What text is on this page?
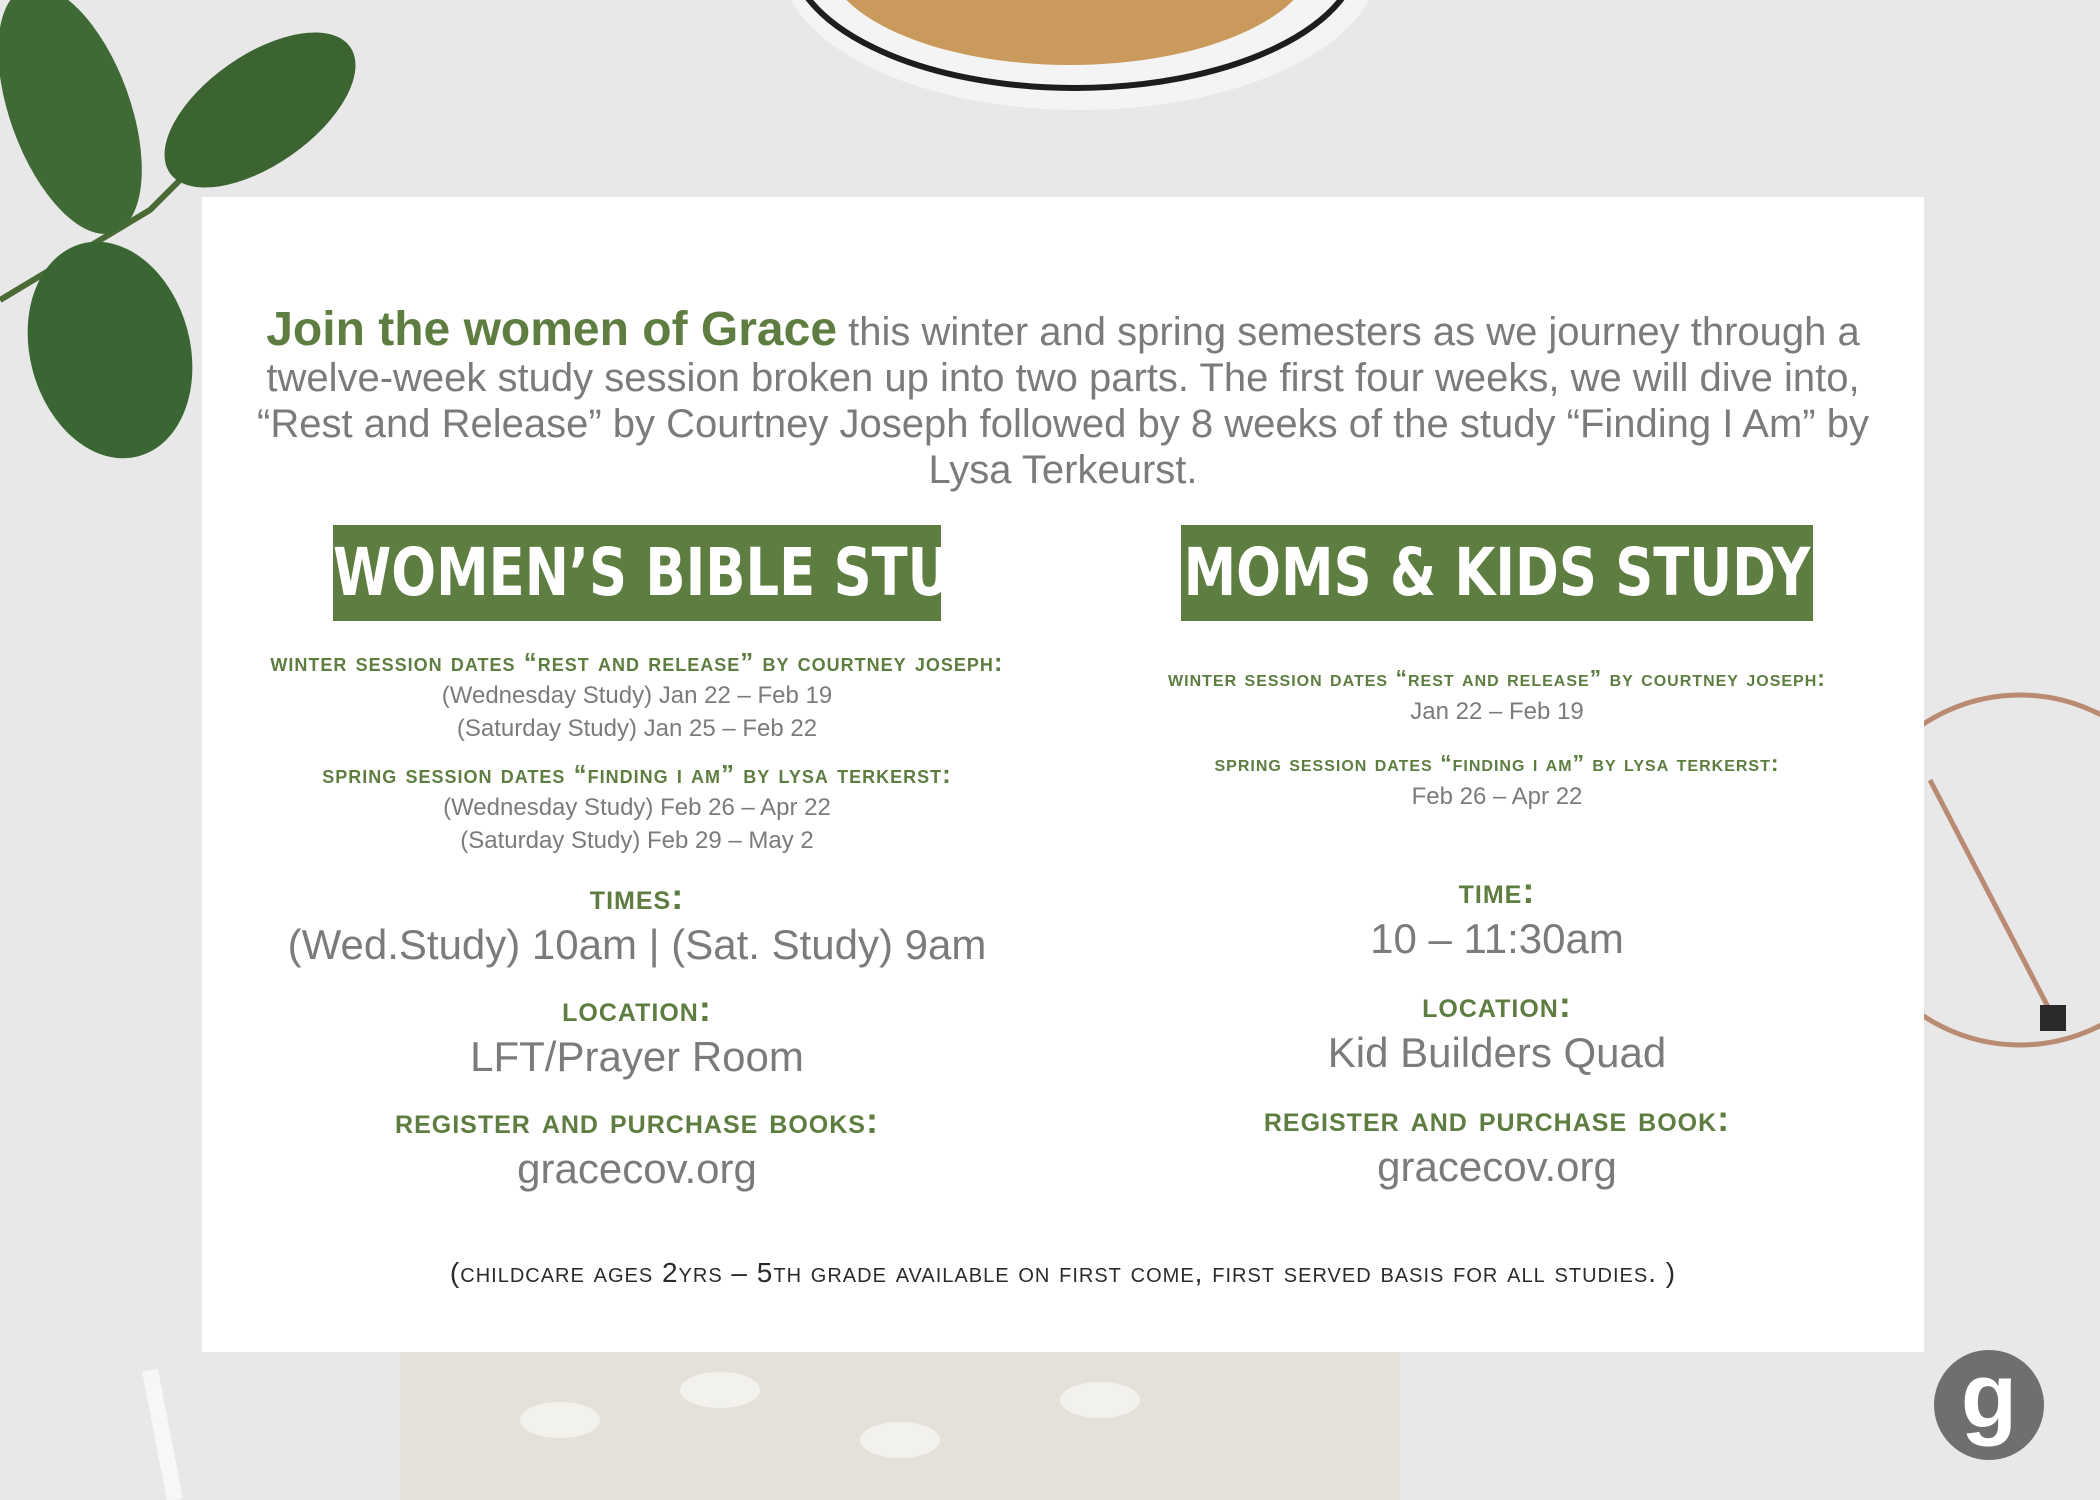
Join the women of Grace this winter and spring semesters as we journey through a twelve-week study session broken up into two parts. The first four weeks, we will dive into, “Rest and Release” by Courtney Joseph followed by 8 weeks of the study “Finding I Am” by Lysa Terkeurst.

WOMEN’S BIBLE STUDY

winter session dates “rest and release” by courtney joseph:

(Wednesday Study) Jan 22 – Feb 19

(Saturday Study) Jan 25 – Feb 22

spring session dates “finding i am” by lysa terkerst:

(Wednesday Study) Feb 26 – Apr 22

(Saturday Study) Feb 29 – May 2

times:

(Wed.Study) 10am | (Sat. Study) 9am

location:

LFT/Prayer Room

register and purchase books:

gracecov.org

MOMS & KIDS STUDY

winter session dates “rest and release” by courtney joseph:

Jan 22 – Feb 19

spring session dates “finding i am” by lysa terkerst:

Feb 26 – Apr 22

time:

10 – 11:30am

location:

Kid Builders Quad

register and purchase book:

gracecov.org

(childcare ages 2yrs – 5th grade available on first come, first served basis for all studies. )

g
